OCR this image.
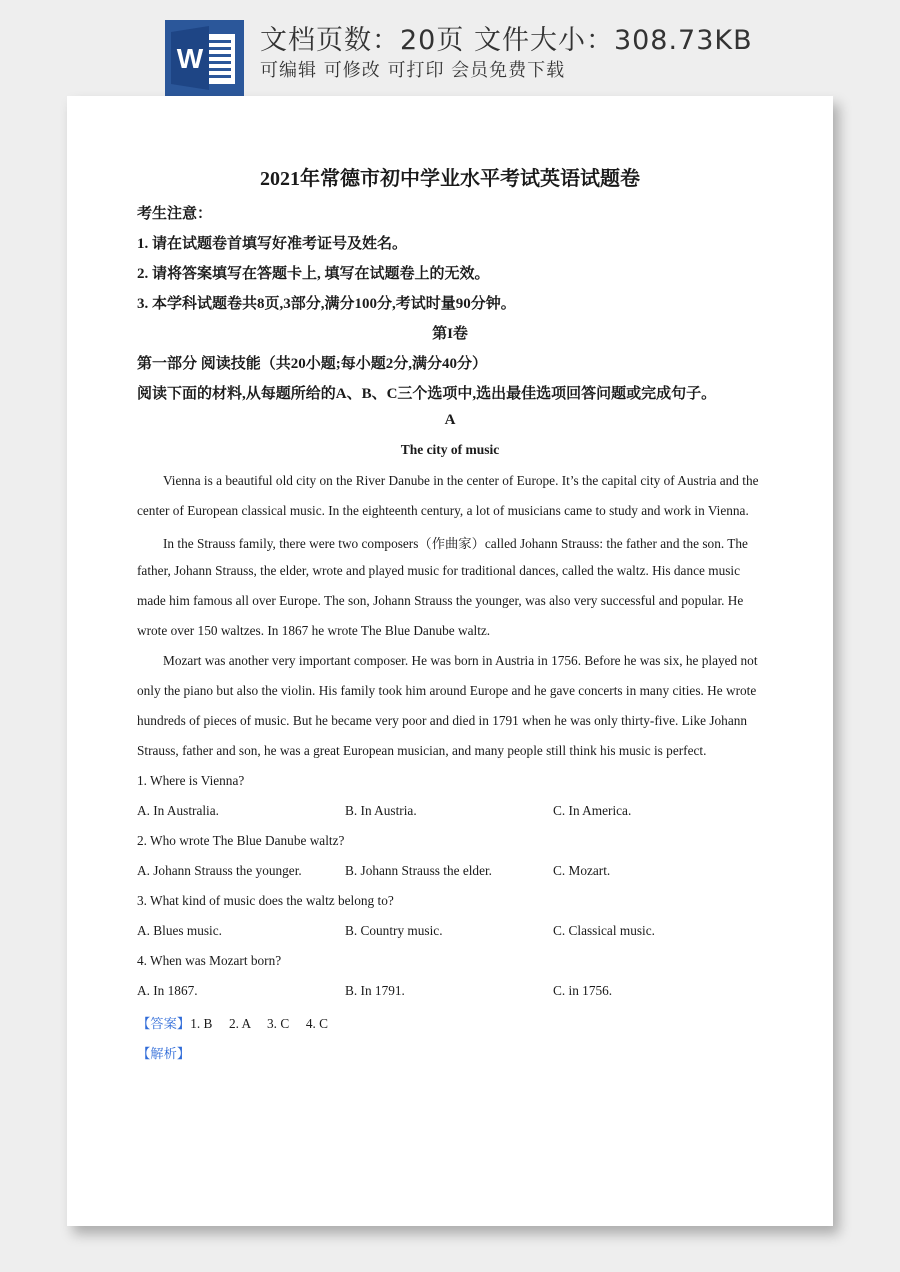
W
文档页数：20页 文件大小：308.73KB
可编辑 可修改 可打印 会员免费下载
2021年常德市初中学业水平考试英语试题卷
考生注意：
1. 请在试题卷首填写好准考证号及姓名。
2. 请将答案填写在答题卡上, 填写在试题卷上的无效。
3. 本学科试题卷共8页,3部分,满分100分,考试时量90分钟。
第I卷
第一部分 阅读技能（共20小题;每小题2分,满分40分）
阅读下面的材料,从每题所给的A、B、C三个选项中,选出最佳选项回答问题或完成句子。
A
The city of music
Vienna is a beautiful old city on the River Danube in the center of Europe. It’s the capital city of Austria and the
center of European classical music. In the eighteenth century, a lot of musicians came to study and work in Vienna.
In the Strauss family, there were two composers（作曲家）called Johann Strauss: the father and the son. The
father, Johann Strauss, the elder, wrote and played music for traditional dances, called the waltz. His dance music
made him famous all over Europe. The son, Johann Strauss the younger, was also very successful and popular. He
wrote over 150 waltzes. In 1867 he wrote The Blue Danube waltz.
Mozart was another very important composer. He was born in Austria in 1756. Before he was six, he played not
only the piano but also the violin. His family took him around Europe and he gave concerts in many cities. He wrote
hundreds of pieces of music. But he became very poor and died in 1791 when he was only thirty-five. Like Johann
Strauss, father and son, he was a great European musician, and many people still think his music is perfect.
1. Where is Vienna?
A. In Australia.	B. In Austria.	C. In America.
2. Who wrote The Blue Danube waltz?
A. Johann Strauss the younger.	B. Johann Strauss the elder.	C. Mozart.
3. What kind of music does the waltz belong to?
A. Blues music.	B. Country music.	C. Classical music.
4. When was Mozart born?
A. In 1867.	B. In 1791.	C. in 1756.
【答案】1. B     2. A     3. C     4. C
【解析】
